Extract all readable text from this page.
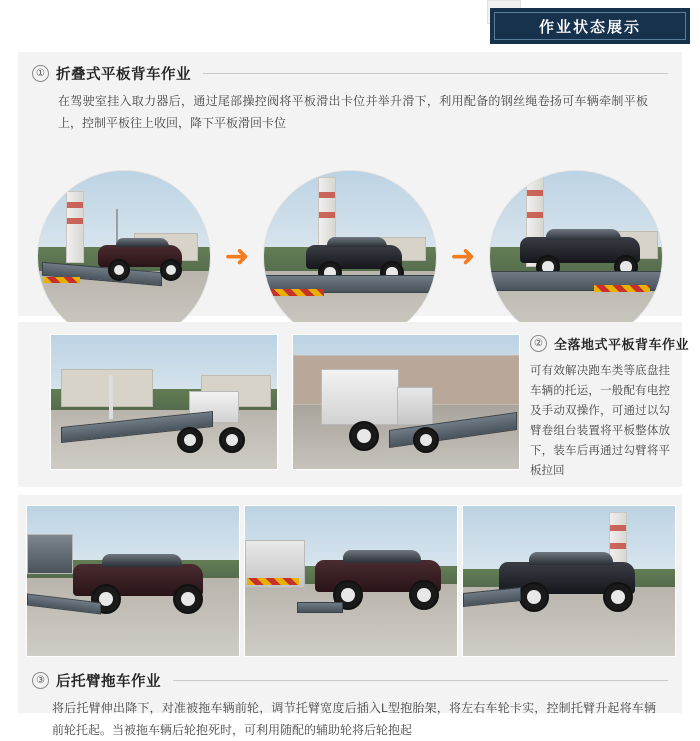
作业状态展示
① 折叠式平板背车作业
在驾驶室挂入取力器后，通过尾部操控阀将平板滑出卡位并举升滑下，利用配备的钢丝绳卷扬可车辆牵制平板上，控制平板往上收回，降下平板滑回卡位
➜	➜
② 全落地式平板背车作业
可有效解决跑车类等底盘挂车辆的托运，一般配有电控及手动双操作，可通过以勾臂卷组台装置将平板整体放下，装车后再通过勾臂将平板拉回
③ 后托臂拖车作业
将后托臂伸出降下，对准被拖车辆前轮，调节托臂宽度后插入L型抱胎架，将左右车轮卡实，控制托臂升起将车辆前轮托起。当被拖车辆后轮抱死时，可利用随配的辅助轮将后轮抱起
